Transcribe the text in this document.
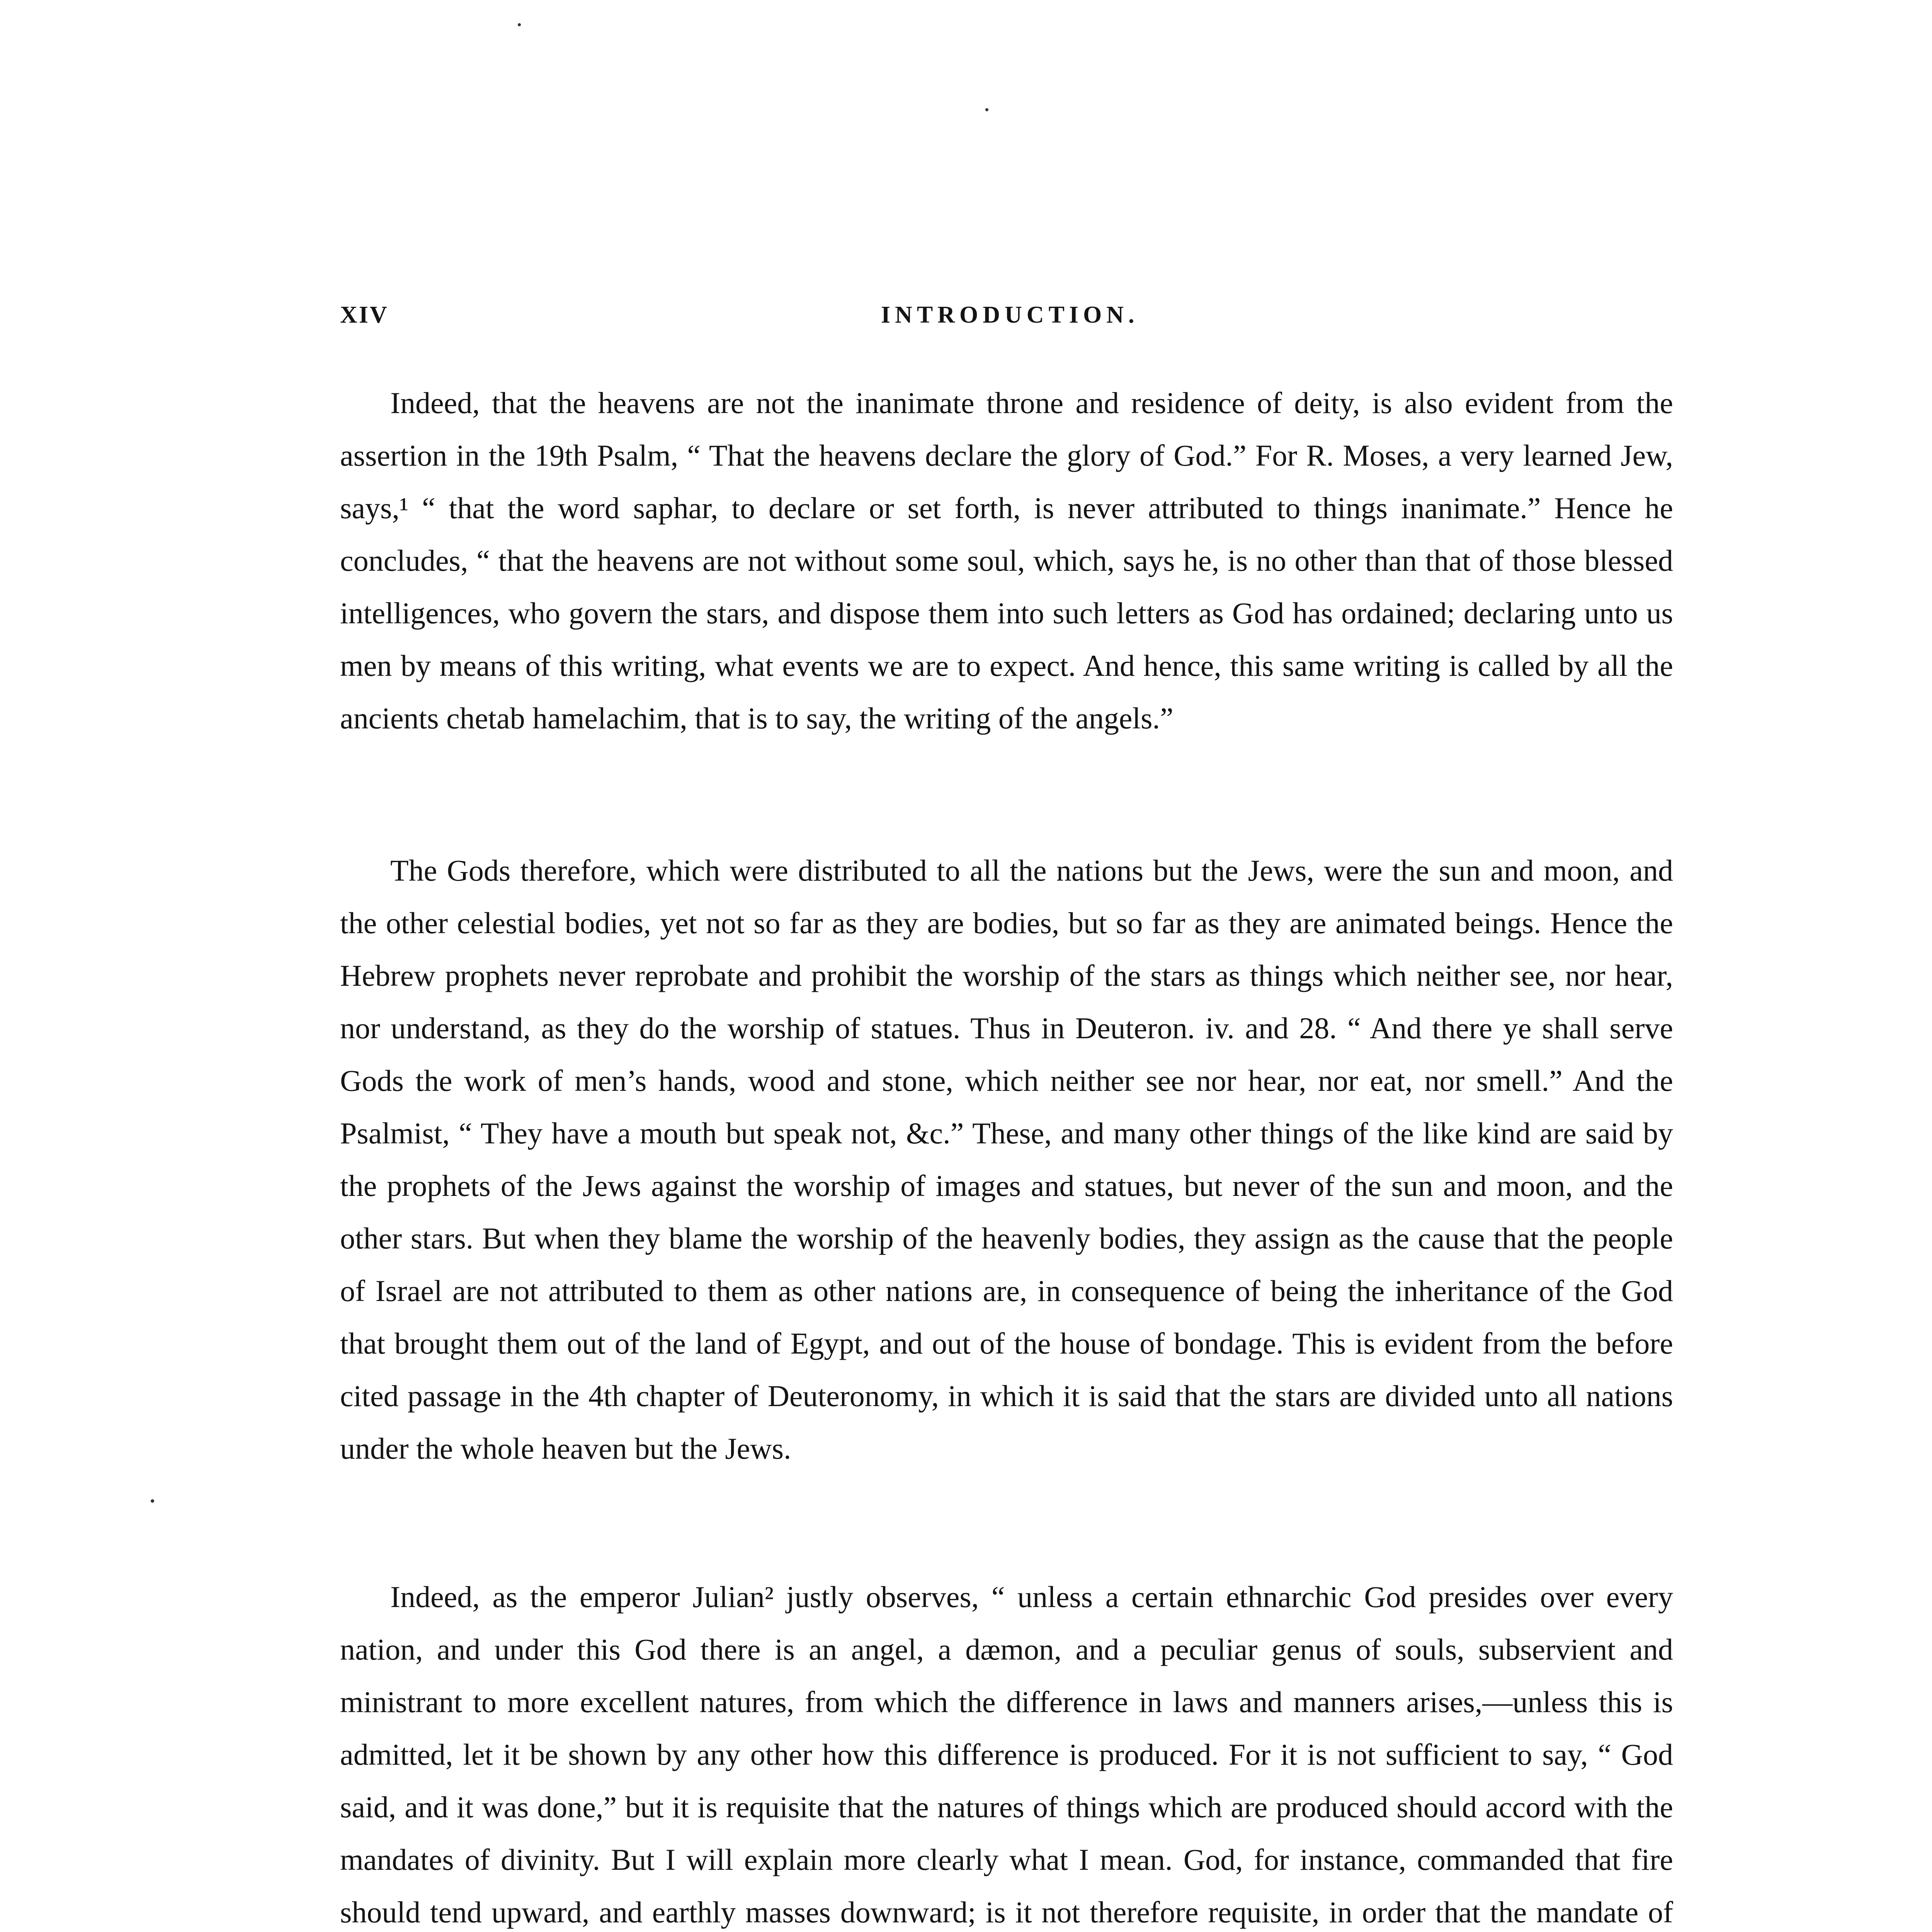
XIV	INTRODUCTION.

Indeed, that the heavens are not the inanimate throne and residence of deity, is also evident from the assertion in the 19th Psalm, “ That the heavens declare the glory of God.” For R. Moses, a very learned Jew, says,¹ “ that the word saphar, to declare or set forth, is never attributed to things inanimate.” Hence he concludes, “ that the heavens are not without some soul, which, says he, is no other than that of those blessed intelligences, who govern the stars, and dispose them into such letters as God has ordained; declaring unto us men by means of this writing, what events we are to expect. And hence, this same writing is called by all the ancients chetab hamelachim, that is to say, the writing of the angels.”

The Gods therefore, which were distributed to all the nations but the Jews, were the sun and moon, and the other celestial bodies, yet not so far as they are bodies, but so far as they are animated beings. Hence the Hebrew prophets never reprobate and prohibit the worship of the stars as things which neither see, nor hear, nor understand, as they do the worship of statues. Thus in Deuteron. iv. and 28. “ And there ye shall serve Gods the work of men’s hands, wood and stone, which neither see nor hear, nor eat, nor smell.” And the Psalmist, “ They have a mouth but speak not, &c.” These, and many other things of the like kind are said by the prophets of the Jews against the worship of images and statues, but never of the sun and moon, and the other stars. But when they blame the worship of the heavenly bodies, they assign as the cause that the people of Israel are not attributed to them as other nations are, in consequence of being the inheritance of the God that brought them out of the land of Egypt, and out of the house of bondage. This is evident from the before cited passage in the 4th chapter of Deuteronomy, in which it is said that the stars are divided unto all nations under the whole heaven but the Jews.

Indeed, as the emperor Julian² justly observes, “ unless a certain ethnarchic God presides over every nation, and under this God there is an angel, a dæmon, and a peculiar genus of souls, subservient and ministrant to more excellent natures, from which the difference in laws and manners arises,—unless this is admitted, let it be shown by any other how this difference is produced. For it is not sufficient to say, “ God said, and it was done,” but it is requisite that the natures of things which are produced should accord with the mandates of divinity. But I will explain more clearly what I mean. God, for instance, commanded that fire should tend upward, and earthly masses downward; is it not therefore requisite, in order that the mandate of
